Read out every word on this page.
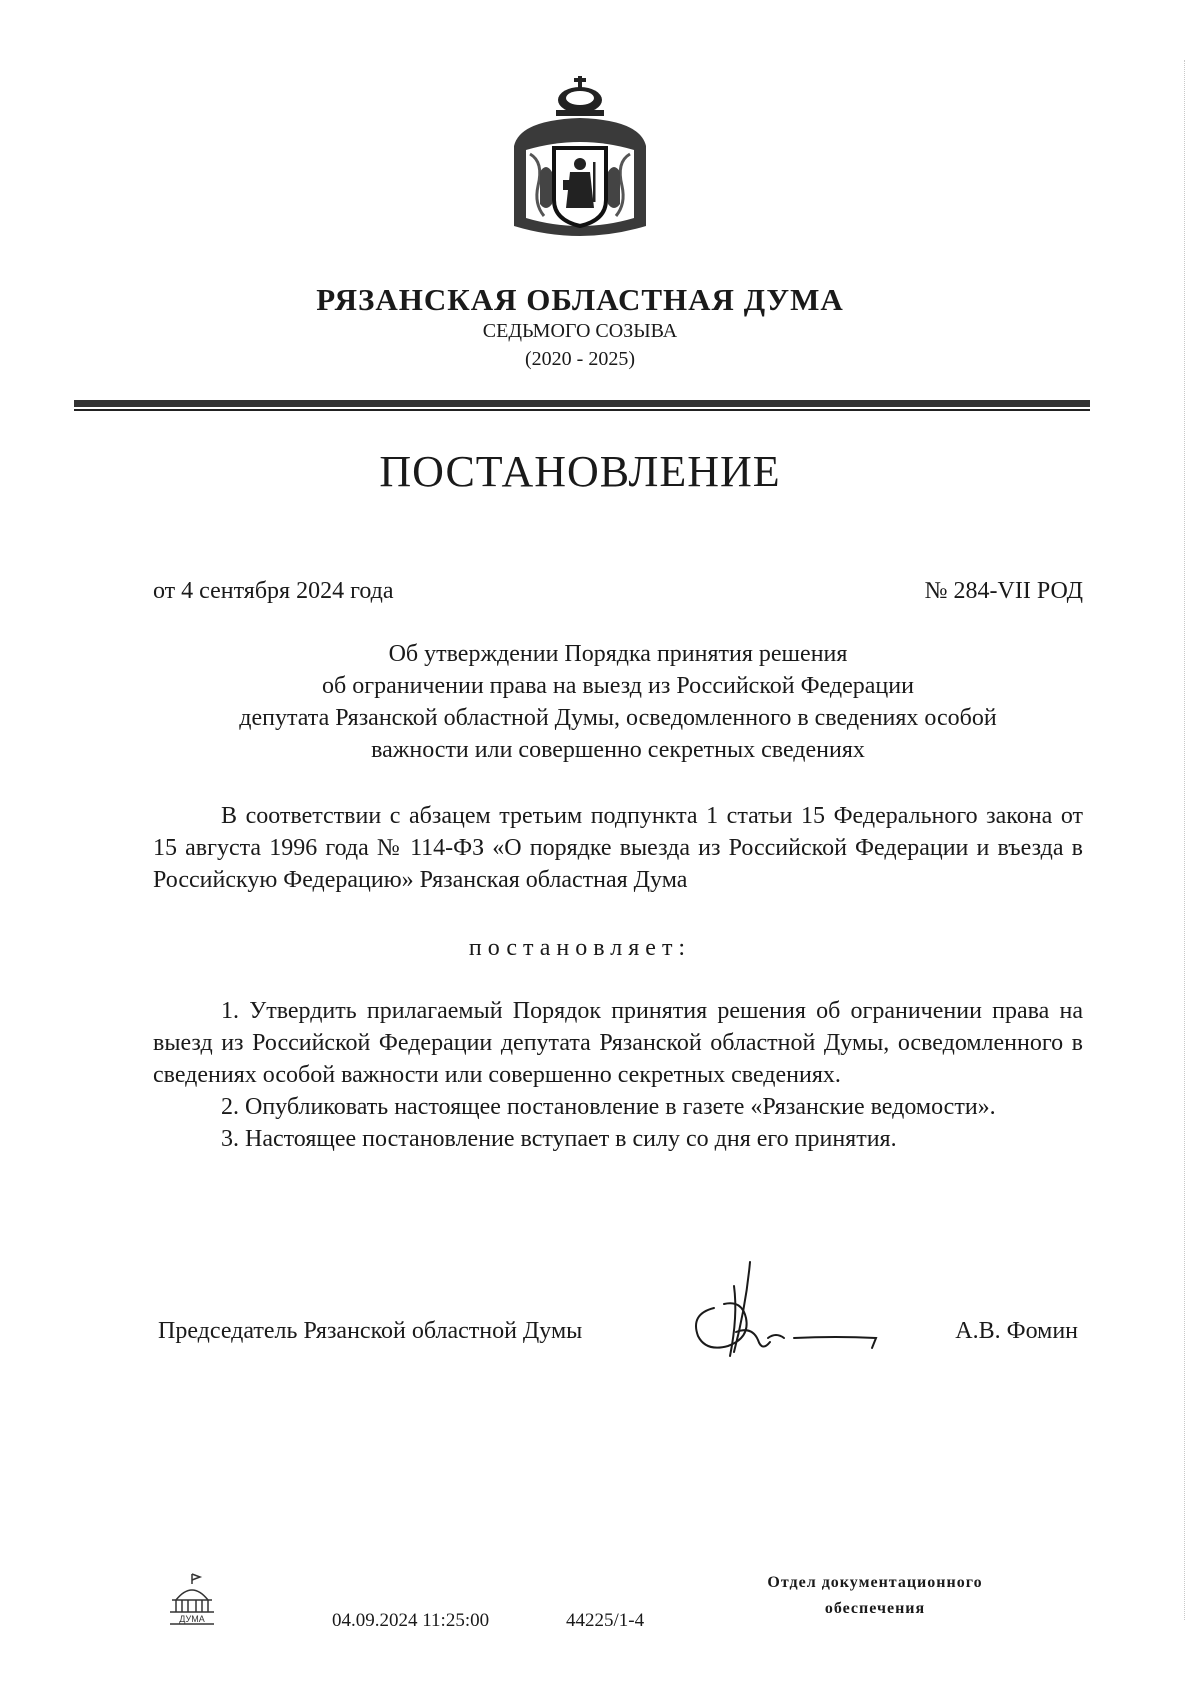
РЯЗАНСКАЯ ОБЛАСТНАЯ ДУМА
СЕДЬМОГО СОЗЫВА
(2020 - 2025)
ПОСТАНОВЛЕНИЕ
от 4 сентября 2024 года	№ 284-VII РОД
Об утверждении Порядка принятия решения
об ограничении права на выезд из Российской Федерации
депутата Рязанской областной Думы, осведомленного в сведениях особой
важности или совершенно секретных сведениях

В соответствии с абзацем третьим подпункта 1 статьи 15 Федерального закона от 15 августа 1996 года № 114-ФЗ «О порядке выезда из Российской Федерации и въезда в Российскую Федерацию» Рязанская областная Дума

постановляет:

1. Утвердить прилагаемый Порядок принятия решения об ограничении права на выезд из Российской Федерации депутата Рязанской областной Думы, осведомленного в сведениях особой важности или совершенно секретных сведениях.

2. Опубликовать настоящее постановление в газете «Рязанские ведомости».

3. Настоящее постановление вступает в силу со дня его принятия.

Председатель Рязанской областной Думы	А.В. Фомин
ДУМА	04.09.2024 11:25:00	44225/1-4
Отдел документационного
обеспечения
